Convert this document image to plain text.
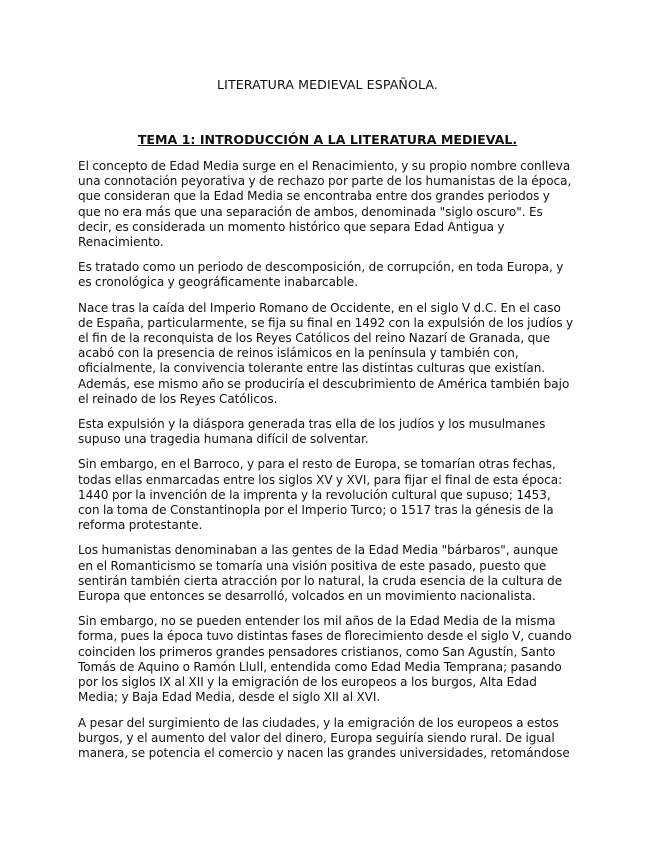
LITERATURA MEDIEVAL ESPAÑOLA.
TEMA 1: INTRODUCCIÓN A LA LITERATURA MEDIEVAL.

El concepto de Edad Media surge en el Renacimiento, y su propio nombre conlleva una connotación peyorativa y de rechazo por parte de los humanistas de la época, que consideran que la Edad Media se encontraba entre dos grandes periodos y que no era más que una separación de ambos, denominada "siglo oscuro". Es decir, es considerada un momento histórico que separa Edad Antigua y Renacimiento.

Es tratado como un periodo de descomposición, de corrupción, en toda Europa, y es cronológica y geográficamente inabarcable.

Nace tras la caída del Imperio Romano de Occidente, en el siglo V d.C. En el caso de España, particularmente, se fija su final en 1492 con la expulsión de los judíos y el fin de la reconquista de los Reyes Católicos del reino Nazarí de Granada, que acabó con la presencia de reinos islámicos en la península y también con, oficialmente, la convivencia tolerante entre las distintas culturas que existían. Además, ese mismo año se produciría el descubrimiento de América también bajo el reinado de los Reyes Católicos.

Esta expulsión y la diáspora generada tras ella de los judíos y los musulmanes supuso una tragedia humana difícil de solventar.

Sin embargo, en el Barroco, y para el resto de Europa, se tomarían otras fechas, todas ellas enmarcadas entre los siglos XV y XVI, para fijar el final de esta época: 1440 por la invención de la imprenta y la revolución cultural que supuso; 1453, con la toma de Constantinopla por el Imperio Turco; o 1517 tras la génesis de la reforma protestante.

Los humanistas denominaban a las gentes de la Edad Media "bárbaros", aunque en el Romanticismo se tomaría una visión positiva de este pasado, puesto que sentirán también cierta atracción por lo natural, la cruda esencia de la cultura de Europa que entonces se desarrolló, volcados en un movimiento nacionalista.

Sin embargo, no se pueden entender los mil años de la Edad Media de la misma forma, pues la época tuvo distintas fases de florecimiento desde el siglo V, cuando coinciden los primeros grandes pensadores cristianos, como San Agustín, Santo Tomás de Aquino o Ramón Llull, entendida como Edad Media Temprana; pasando por los siglos IX al XII y la emigración de los europeos a los burgos, Alta Edad Media; y Baja Edad Media, desde el siglo XII al XVI.

A pesar del surgimiento de las ciudades, y la emigración de los europeos a estos burgos, y el aumento del valor del dinero, Europa seguiría siendo rural. De igual manera, se potencia el comercio y nacen las grandes universidades, retomándose
